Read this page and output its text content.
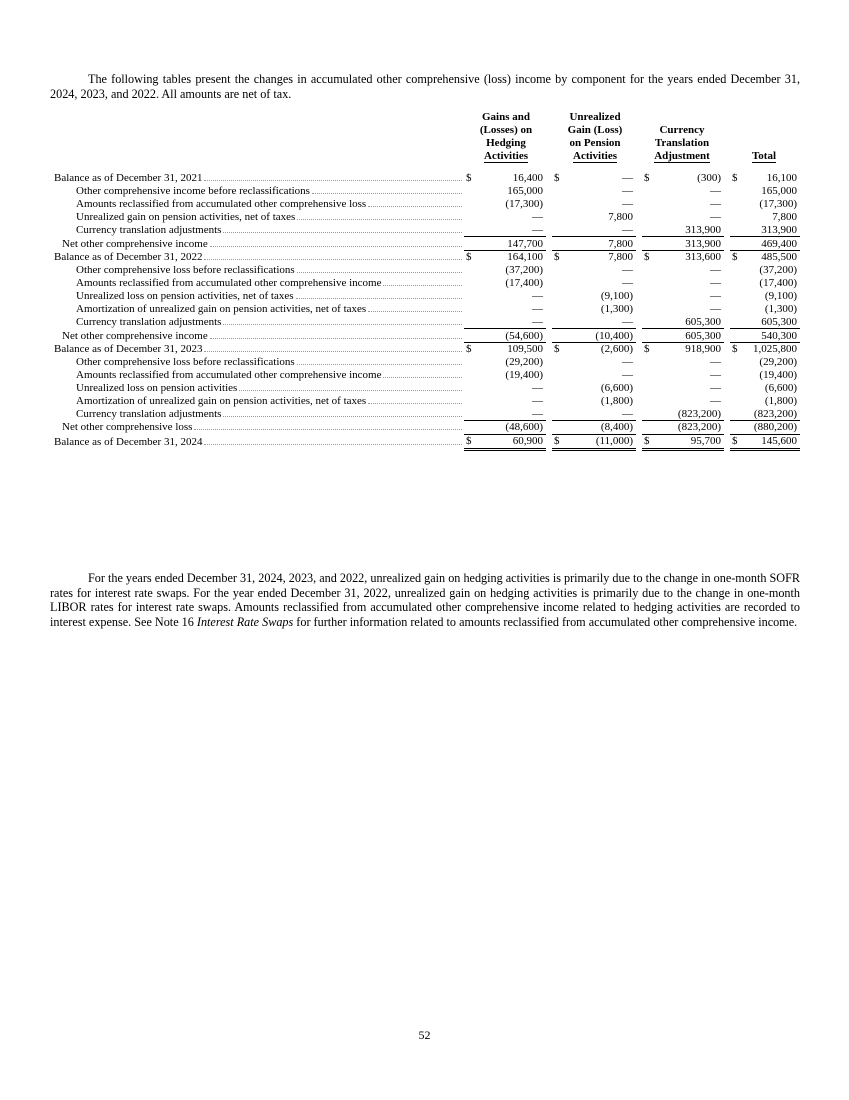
The following tables present the changes in accumulated other comprehensive (loss) income by component for the years ended December 31, 2024, 2023, and 2022. All amounts are net of tax.

Gains and
(Losses) on
Hedging
Activities
Unrealized
Gain (Loss)
on Pension
Activities

Currency
Translation
Adjustment

	Total
Balance as of December 31, 2021	$	16,400		$	—		$	(300)		$	16,100

Other comprehensive income before reclassifications		165,000			—			—			165,000

Amounts reclassified from accumulated other comprehensive loss		(17,300)			—			—			(17,300)

Unrealized gain on pension activities, net of taxes		—			7,800			—			7,800

Currency translation adjustments		—			—			313,900			313,900

Net other comprehensive income		147,700			7,800			313,900			469,400

Balance as of December 31, 2022	$	164,100		$	7,800		$	313,600		$	485,500

Other comprehensive loss before reclassifications		(37,200)			—			—			(37,200)

Amounts reclassified from accumulated other comprehensive income		(17,400)			—			—			(17,400)

Unrealized loss on pension activities, net of taxes		—			(9,100)			—			(9,100)

Amortization of unrealized gain on pension activities, net of taxes		—			(1,300)			—			(1,300)

Currency translation adjustments		—			—			605,300			605,300

Net other comprehensive income		(54,600)			(10,400)			605,300			540,300

Balance as of December 31, 2023	$	109,500		$	(2,600)		$	918,900		$	1,025,800

Other comprehensive loss before reclassifications		(29,200)			—			—			(29,200)

Amounts reclassified from accumulated other comprehensive income		(19,400)			—			—			(19,400)

Unrealized loss on pension activities		—			(6,600)			—			(6,600)

Amortization of unrealized gain on pension activities, net of taxes		—			(1,800)			—			(1,800)

Currency translation adjustments		—			—			(823,200)			(823,200)

Net other comprehensive loss		(48,600)			(8,400)			(823,200)			(880,200)

Balance as of December 31, 2024	$	60,900		$	(11,000)		$	95,700		$	145,600

For the years ended December 31, 2024, 2023, and 2022, unrealized gain on hedging activities is primarily due to the change in one-month SOFR rates for interest rate swaps. For the year ended December 31, 2022, unrealized gain on hedging activities is primarily due to the change in one-month LIBOR rates for interest rate swaps. Amounts reclassified from accumulated other comprehensive income related to hedging activities are recorded to interest expense. See Note 16 Interest Rate Swaps for further information related to amounts reclassified from accumulated other comprehensive income.

52
